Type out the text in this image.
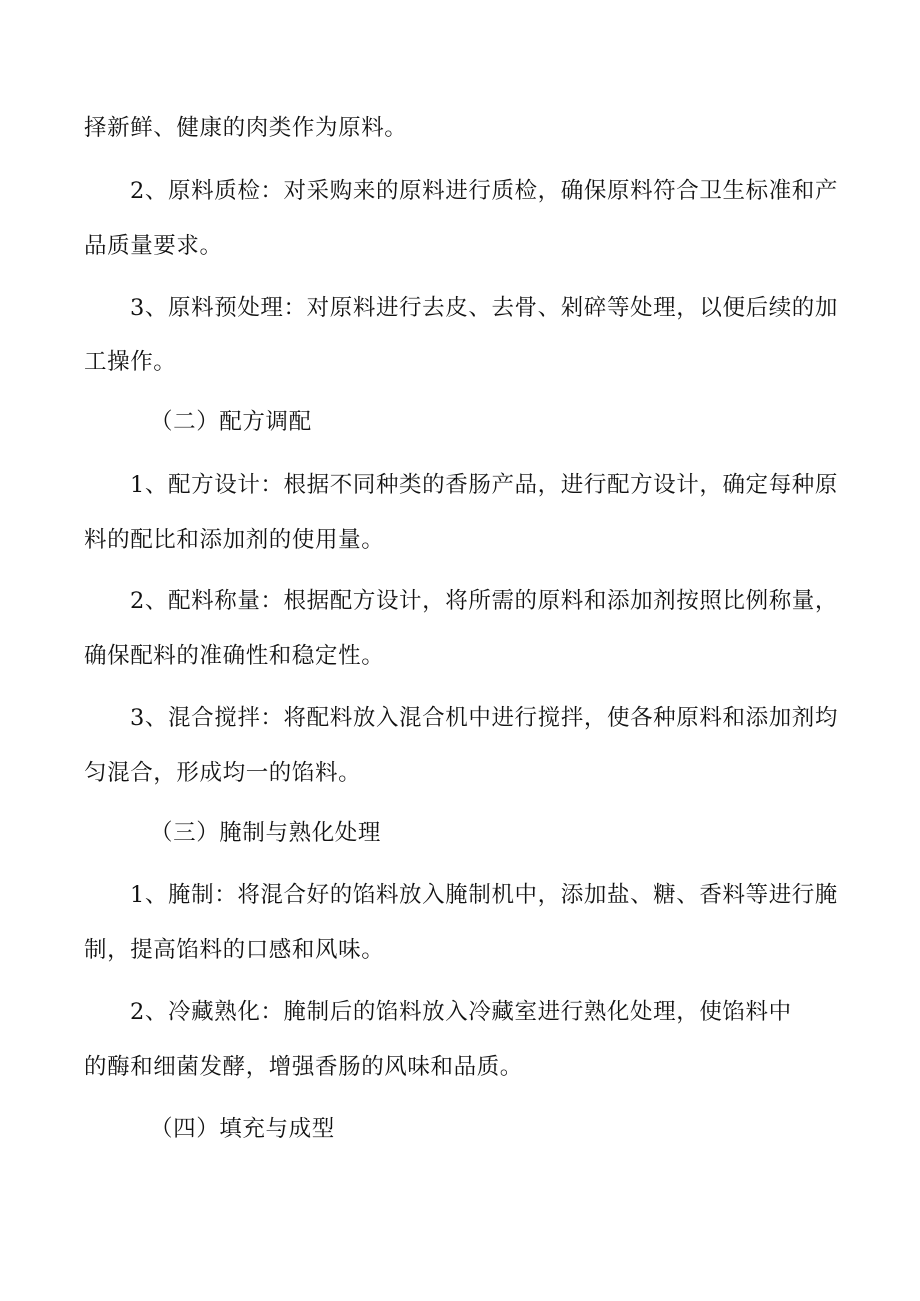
择新鲜、健康的肉类作为原料。
2、原料质检：对采购来的原料进行质检，确保原料符合卫生标准和产
品质量要求。
3、原料预处理：对原料进行去皮、去骨、剁碎等处理，以便后续的加
工操作。
（二）配方调配
1、配方设计：根据不同种类的香肠产品，进行配方设计，确定每种原
料的配比和添加剂的使用量。
2、配料称量：根据配方设计，将所需的原料和添加剂按照比例称量，
确保配料的准确性和稳定性。
3、混合搅拌：将配料放入混合机中进行搅拌，使各种原料和添加剂均
匀混合，形成均一的馅料。
（三）腌制与熟化处理
1、腌制：将混合好的馅料放入腌制机中，添加盐、糖、香料等进行腌
制，提高馅料的口感和风味。
2、冷藏熟化：腌制后的馅料放入冷藏室进行熟化处理，使馅料中
的酶和细菌发酵，增强香肠的风味和品质。
（四）填充与成型
